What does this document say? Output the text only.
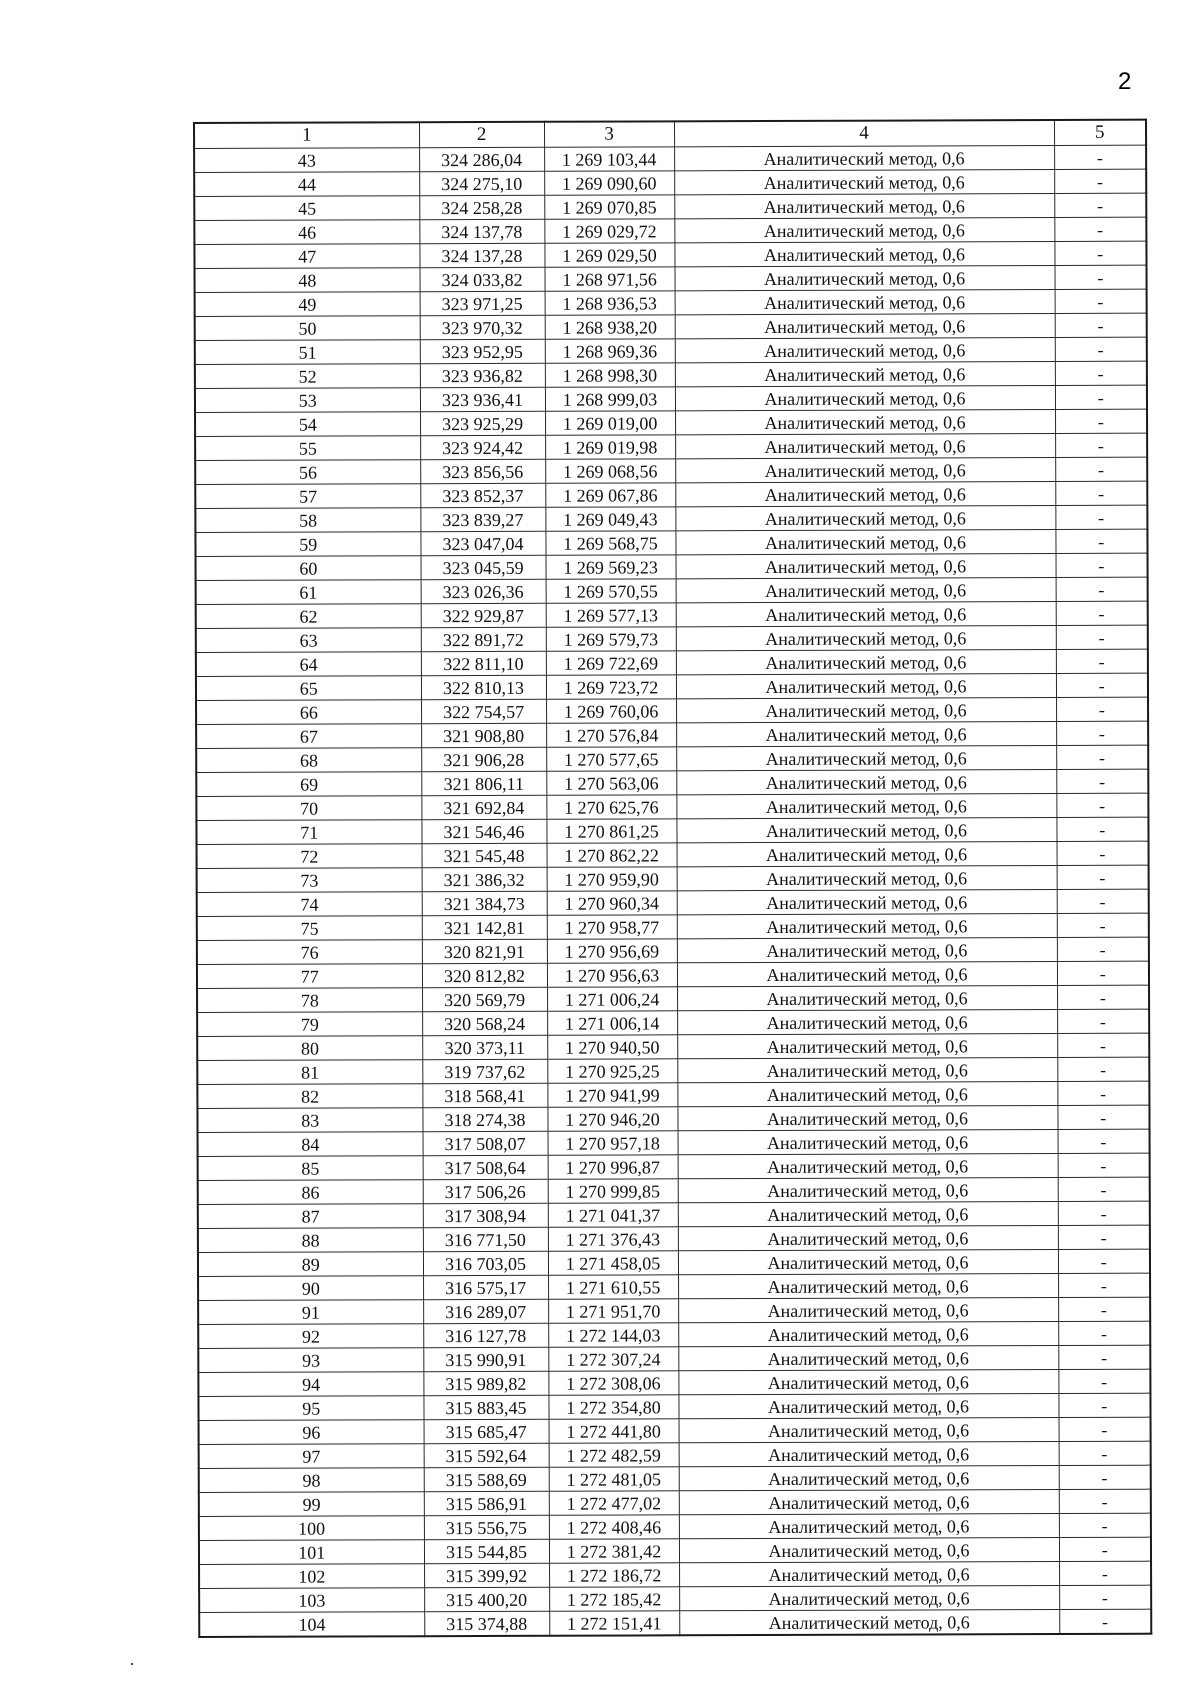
2
1	2	3	4	5
43	324 286,04	1 269 103,44	Аналитический метод, 0,6	-
44	324 275,10	1 269 090,60	Аналитический метод, 0,6	-
45	324 258,28	1 269 070,85	Аналитический метод, 0,6	-
46	324 137,78	1 269 029,72	Аналитический метод, 0,6	-
47	324 137,28	1 269 029,50	Аналитический метод, 0,6	-
48	324 033,82	1 268 971,56	Аналитический метод, 0,6	-
49	323 971,25	1 268 936,53	Аналитический метод, 0,6	-
50	323 970,32	1 268 938,20	Аналитический метод, 0,6	-
51	323 952,95	1 268 969,36	Аналитический метод, 0,6	-
52	323 936,82	1 268 998,30	Аналитический метод, 0,6	-
53	323 936,41	1 268 999,03	Аналитический метод, 0,6	-
54	323 925,29	1 269 019,00	Аналитический метод, 0,6	-
55	323 924,42	1 269 019,98	Аналитический метод, 0,6	-
56	323 856,56	1 269 068,56	Аналитический метод, 0,6	-
57	323 852,37	1 269 067,86	Аналитический метод, 0,6	-
58	323 839,27	1 269 049,43	Аналитический метод, 0,6	-
59	323 047,04	1 269 568,75	Аналитический метод, 0,6	-
60	323 045,59	1 269 569,23	Аналитический метод, 0,6	-
61	323 026,36	1 269 570,55	Аналитический метод, 0,6	-
62	322 929,87	1 269 577,13	Аналитический метод, 0,6	-
63	322 891,72	1 269 579,73	Аналитический метод, 0,6	-
64	322 811,10	1 269 722,69	Аналитический метод, 0,6	-
65	322 810,13	1 269 723,72	Аналитический метод, 0,6	-
66	322 754,57	1 269 760,06	Аналитический метод, 0,6	-
67	321 908,80	1 270 576,84	Аналитический метод, 0,6	-
68	321 906,28	1 270 577,65	Аналитический метод, 0,6	-
69	321 806,11	1 270 563,06	Аналитический метод, 0,6	-
70	321 692,84	1 270 625,76	Аналитический метод, 0,6	-
71	321 546,46	1 270 861,25	Аналитический метод, 0,6	-
72	321 545,48	1 270 862,22	Аналитический метод, 0,6	-
73	321 386,32	1 270 959,90	Аналитический метод, 0,6	-
74	321 384,73	1 270 960,34	Аналитический метод, 0,6	-
75	321 142,81	1 270 958,77	Аналитический метод, 0,6	-
76	320 821,91	1 270 956,69	Аналитический метод, 0,6	-
77	320 812,82	1 270 956,63	Аналитический метод, 0,6	-
78	320 569,79	1 271 006,24	Аналитический метод, 0,6	-
79	320 568,24	1 271 006,14	Аналитический метод, 0,6	-
80	320 373,11	1 270 940,50	Аналитический метод, 0,6	-
81	319 737,62	1 270 925,25	Аналитический метод, 0,6	-
82	318 568,41	1 270 941,99	Аналитический метод, 0,6	-
83	318 274,38	1 270 946,20	Аналитический метод, 0,6	-
84	317 508,07	1 270 957,18	Аналитический метод, 0,6	-
85	317 508,64	1 270 996,87	Аналитический метод, 0,6	-
86	317 506,26	1 270 999,85	Аналитический метод, 0,6	-
87	317 308,94	1 271 041,37	Аналитический метод, 0,6	-
88	316 771,50	1 271 376,43	Аналитический метод, 0,6	-
89	316 703,05	1 271 458,05	Аналитический метод, 0,6	-
90	316 575,17	1 271 610,55	Аналитический метод, 0,6	-
91	316 289,07	1 271 951,70	Аналитический метод, 0,6	-
92	316 127,78	1 272 144,03	Аналитический метод, 0,6	-
93	315 990,91	1 272 307,24	Аналитический метод, 0,6	-
94	315 989,82	1 272 308,06	Аналитический метод, 0,6	-
95	315 883,45	1 272 354,80	Аналитический метод, 0,6	-
96	315 685,47	1 272 441,80	Аналитический метод, 0,6	-
97	315 592,64	1 272 482,59	Аналитический метод, 0,6	-
98	315 588,69	1 272 481,05	Аналитический метод, 0,6	-
99	315 586,91	1 272 477,02	Аналитический метод, 0,6	-
100	315 556,75	1 272 408,46	Аналитический метод, 0,6	-
101	315 544,85	1 272 381,42	Аналитический метод, 0,6	-
102	315 399,92	1 272 186,72	Аналитический метод, 0,6	-
103	315 400,20	1 272 185,42	Аналитический метод, 0,6	-
104	315 374,88	1 272 151,41	Аналитический метод, 0,6	-
